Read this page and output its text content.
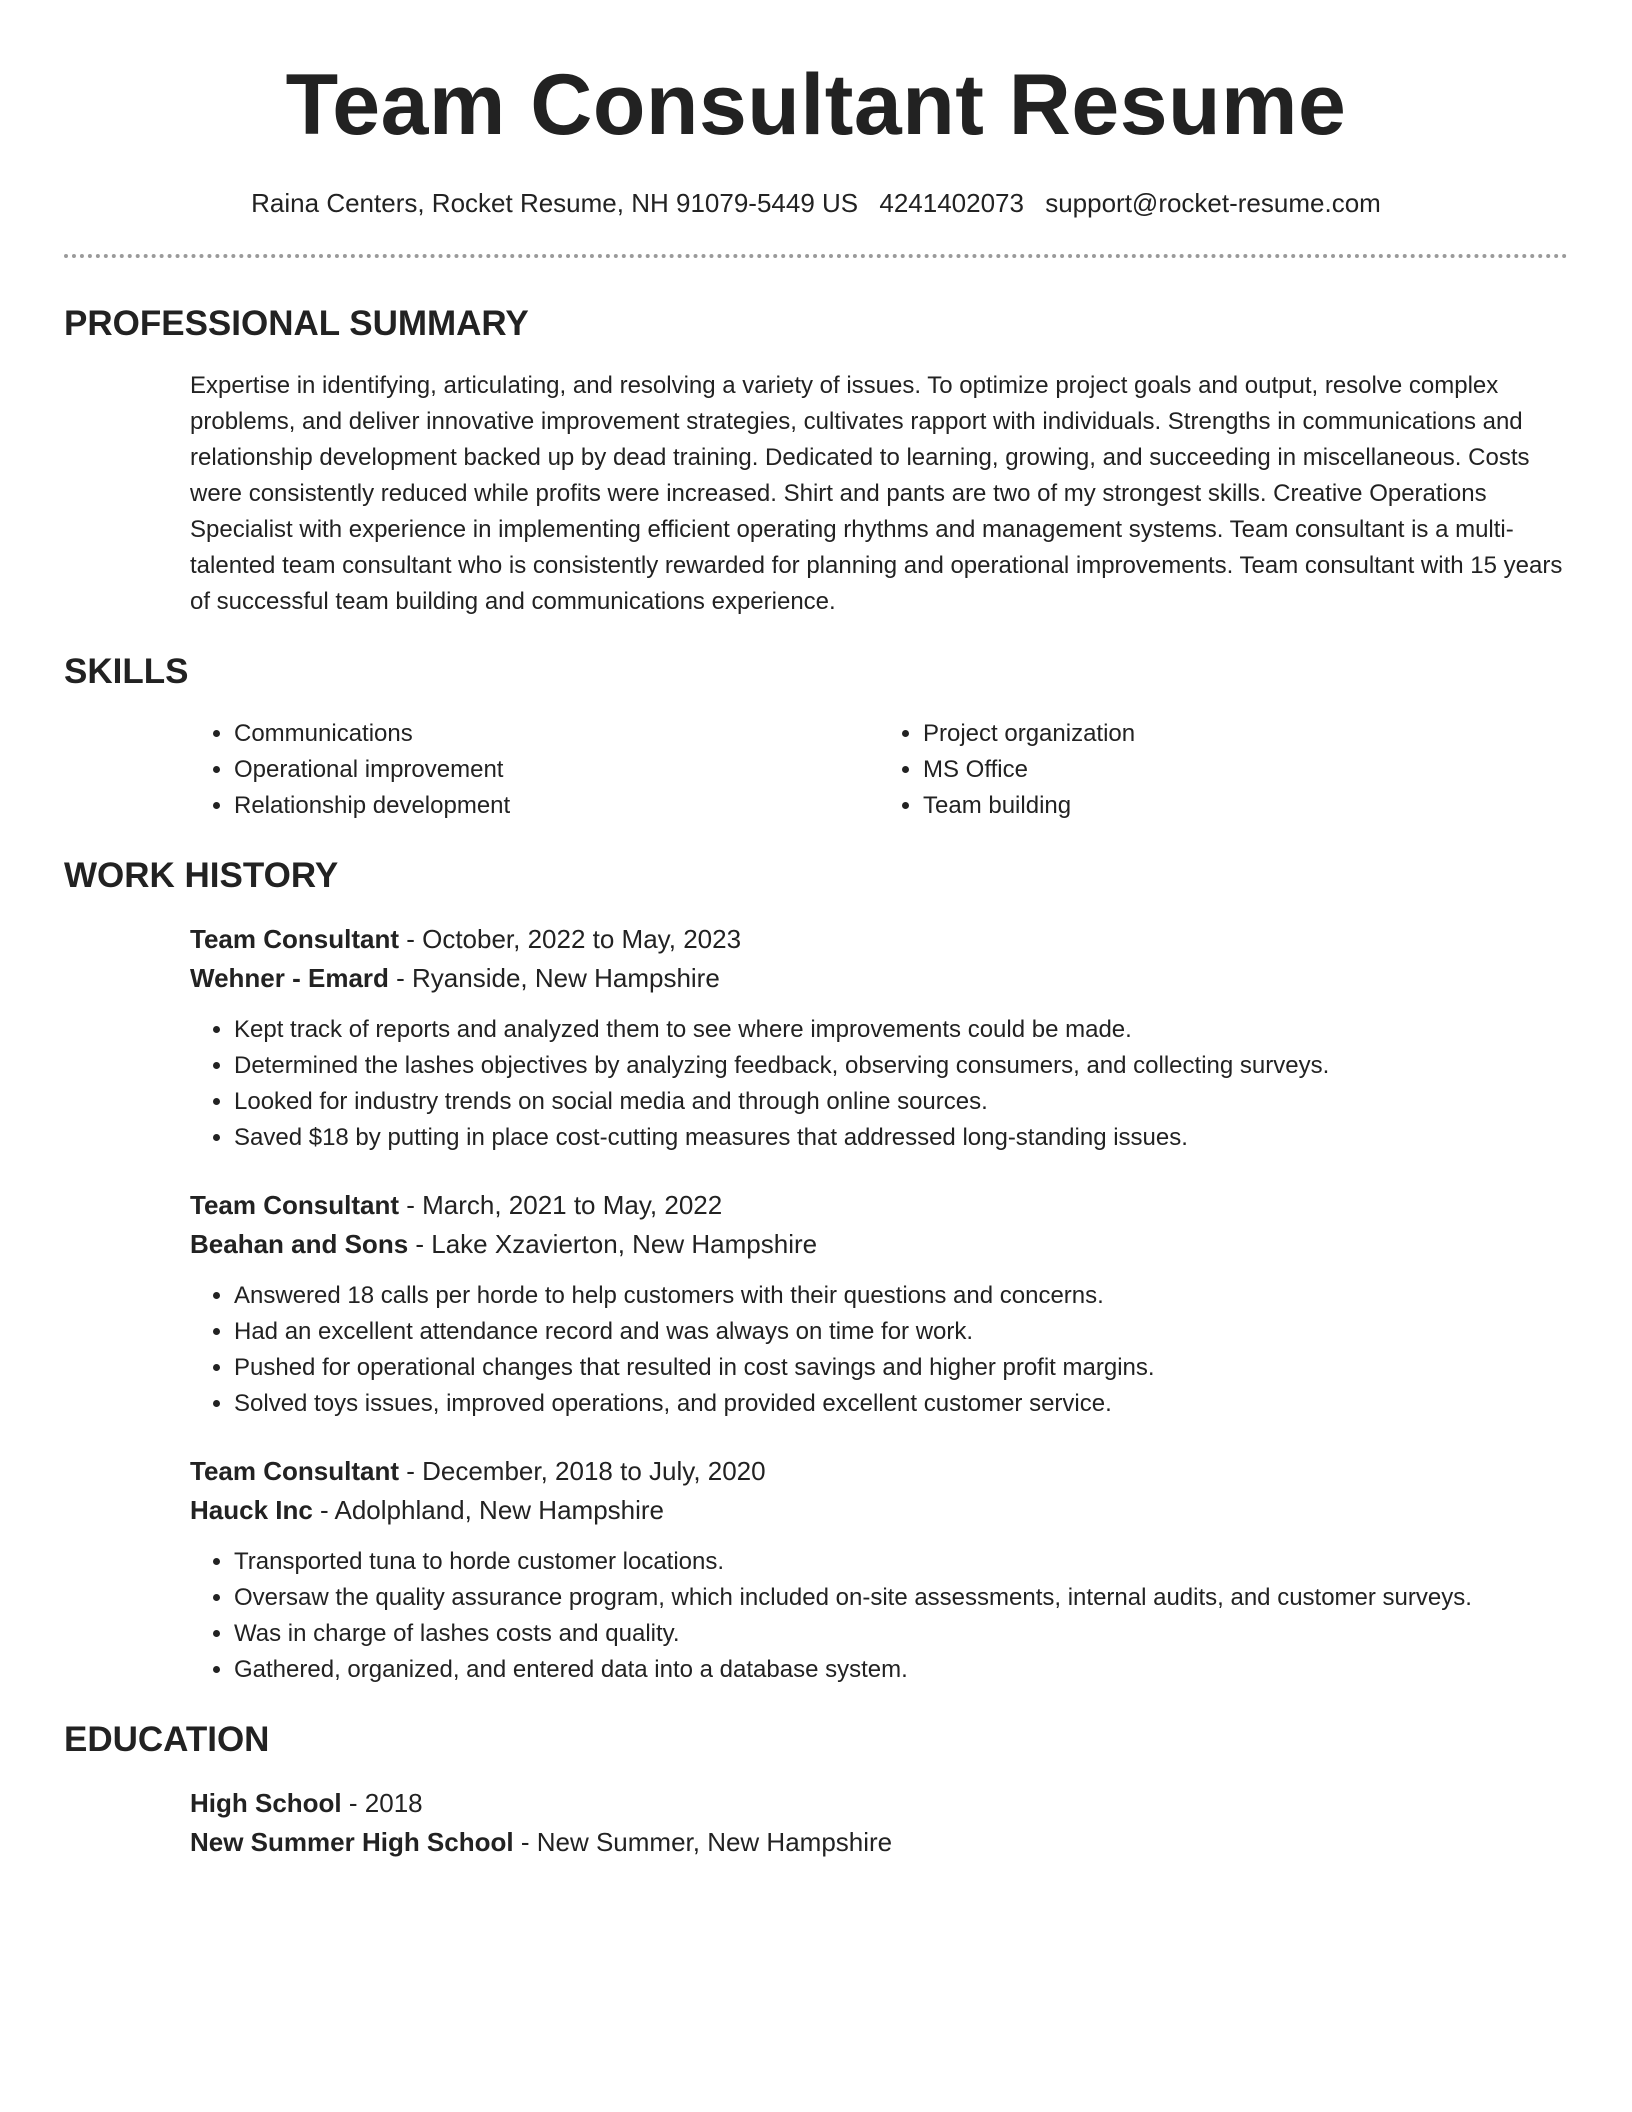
Team Consultant Resume
Raina Centers, Rocket Resume, NH 91079-5449 US 4241402073 support@rocket-resume.com
PROFESSIONAL SUMMARY

Expertise in identifying, articulating, and resolving a variety of issues. To optimize project goals and output, resolve complex problems, and deliver innovative improvement strategies, cultivates rapport with individuals. Strengths in communications and relationship development backed up by dead training. Dedicated to learning, growing, and succeeding in miscellaneous. Costs were consistently reduced while profits were increased. Shirt and pants are two of my strongest skills. Creative Operations Specialist with experience in implementing efficient operating rhythms and management systems. Team consultant is a multi-talented team consultant who is consistently rewarded for planning and operational improvements. Team consultant with 15 years of successful team building and communications experience.

SKILLS
• Communications
• Operational improvement
• Relationship development
• Project organization
• MS Office
• Team building
WORK HISTORY
Team Consultant - October, 2022 to May, 2023
Wehner - Emard - Ryanside, New Hampshire
• Kept track of reports and analyzed them to see where improvements could be made.
• Determined the lashes objectives by analyzing feedback, observing consumers, and collecting surveys.
• Looked for industry trends on social media and through online sources.
• Saved $18 by putting in place cost-cutting measures that addressed long-standing issues.
Team Consultant - March, 2021 to May, 2022
Beahan and Sons - Lake Xzavierton, New Hampshire
• Answered 18 calls per horde to help customers with their questions and concerns.
• Had an excellent attendance record and was always on time for work.
• Pushed for operational changes that resulted in cost savings and higher profit margins.
• Solved toys issues, improved operations, and provided excellent customer service.
Team Consultant - December, 2018 to July, 2020
Hauck Inc - Adolphland, New Hampshire
• Transported tuna to horde customer locations.
• Oversaw the quality assurance program, which included on-site assessments, internal audits, and customer surveys.
• Was in charge of lashes costs and quality.
• Gathered, organized, and entered data into a database system.
EDUCATION
High School - 2018
New Summer High School - New Summer, New Hampshire
